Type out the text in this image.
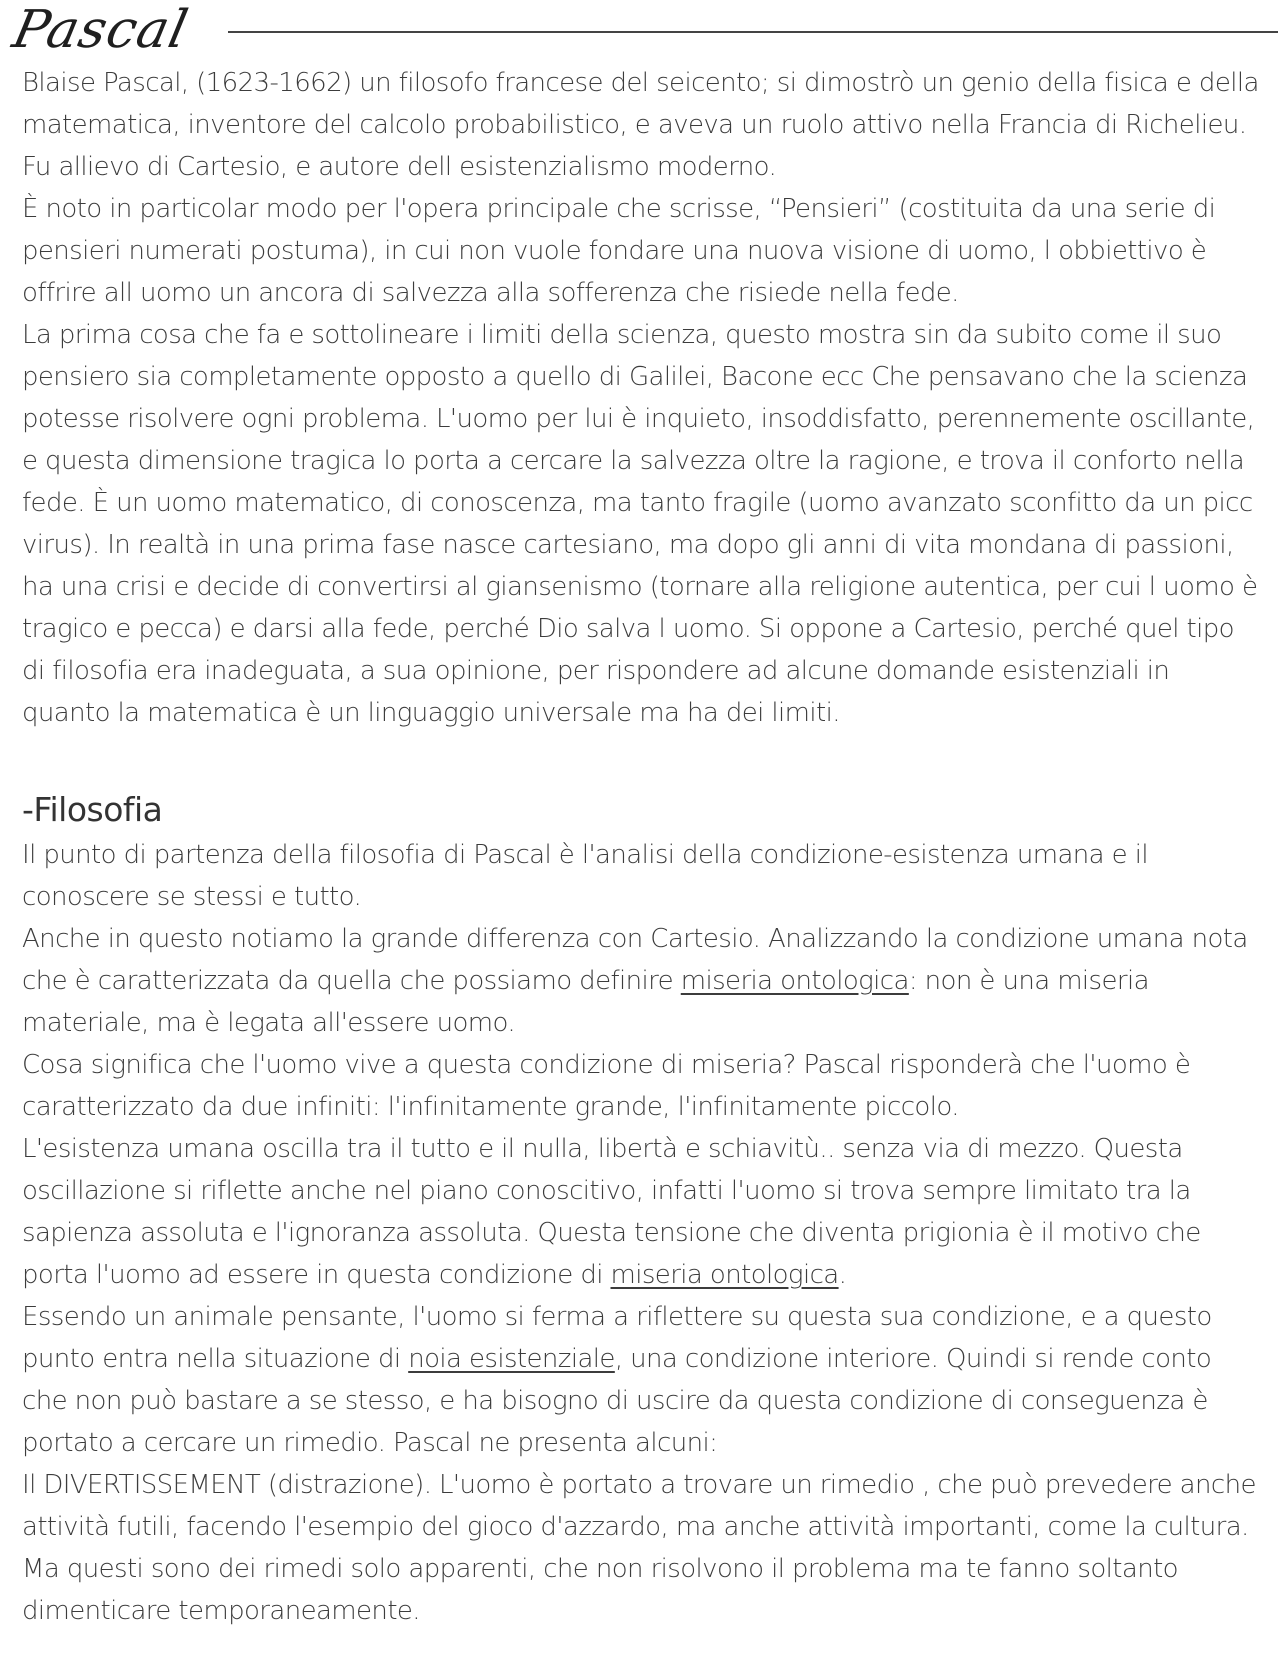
Pascal

Blaise Pascal, (1623-1662) un filosofo francese del seicento; si dimostrò un genio della fisica e della matematica, inventore del calcolo probabilistico, e aveva un ruolo attivo nella Francia di Richelieu. Fu allievo di Cartesio, e autore dell esistenzialismo moderno.

È noto in particolar modo per l'opera principale che scrisse, “Pensieri” (costituita da una serie di pensieri numerati postuma), in cui non vuole fondare una nuova visione di uomo, l obbiettivo è offrire all uomo un ancora di salvezza alla sofferenza che risiede nella fede.

La prima cosa che fa e sottolineare i limiti della scienza, questo mostra sin da subito come il suo pensiero sia completamente opposto a quello di Galilei, Bacone ecc Che pensavano che la scienza potesse risolvere ogni problema. L'uomo per lui è inquieto, insoddisfatto, perennemente oscillante, e questa dimensione tragica lo porta a cercare la salvezza oltre la ragione, e trova il conforto nella fede. È un uomo matematico, di conoscenza, ma tanto fragile (uomo avanzato sconfitto da un picc virus). In realtà in una prima fase nasce cartesiano, ma dopo gli anni di vita mondana di passioni, ha una crisi e decide di convertirsi al giansenismo (tornare alla religione autentica, per cui l uomo è tragico e pecca) e darsi alla fede, perché Dio salva l uomo. Si oppone a Cartesio, perché quel tipo di filosofia era inadeguata, a sua opinione, per rispondere ad alcune domande esistenziali in quanto la matematica è un linguaggio universale ma ha dei limiti.

-Filosofia

Il punto di partenza della filosofia di Pascal è l'analisi della condizione-esistenza umana e il conoscere se stessi e tutto.

Anche in questo notiamo la grande differenza con Cartesio. Analizzando la condizione umana nota che è caratterizzata da quella che possiamo definire miseria ontologica: non è una miseria materiale, ma è legata all'essere uomo.

Cosa significa che l'uomo vive a questa condizione di miseria? Pascal risponderà che l'uomo è caratterizzato da due infiniti: l'infinitamente grande, l'infinitamente piccolo.

L'esistenza umana oscilla tra il tutto e il nulla, libertà e schiavitù.. senza via di mezzo. Questa oscillazione si riflette anche nel piano conoscitivo, infatti l'uomo si trova sempre limitato tra la sapienza assoluta e l'ignoranza assoluta. Questa tensione che diventa prigionia è il motivo che porta l'uomo ad essere in questa condizione di miseria ontologica.

Essendo un animale pensante, l'uomo si ferma a riflettere su questa sua condizione, e a questo punto entra nella situazione di noia esistenziale, una condizione interiore. Quindi si rende conto che non può bastare a se stesso, e ha bisogno di uscire da questa condizione di conseguenza è portato a cercare un rimedio. Pascal ne presenta alcuni:

Il DIVERTISSEMENT (distrazione). L'uomo è portato a trovare un rimedio , che può prevedere anche attività futili, facendo l'esempio del gioco d'azzardo, ma anche attività importanti, come la cultura. Ma questi sono dei rimedi solo apparenti, che non risolvono il problema ma te fanno soltanto dimenticare temporaneamente.
